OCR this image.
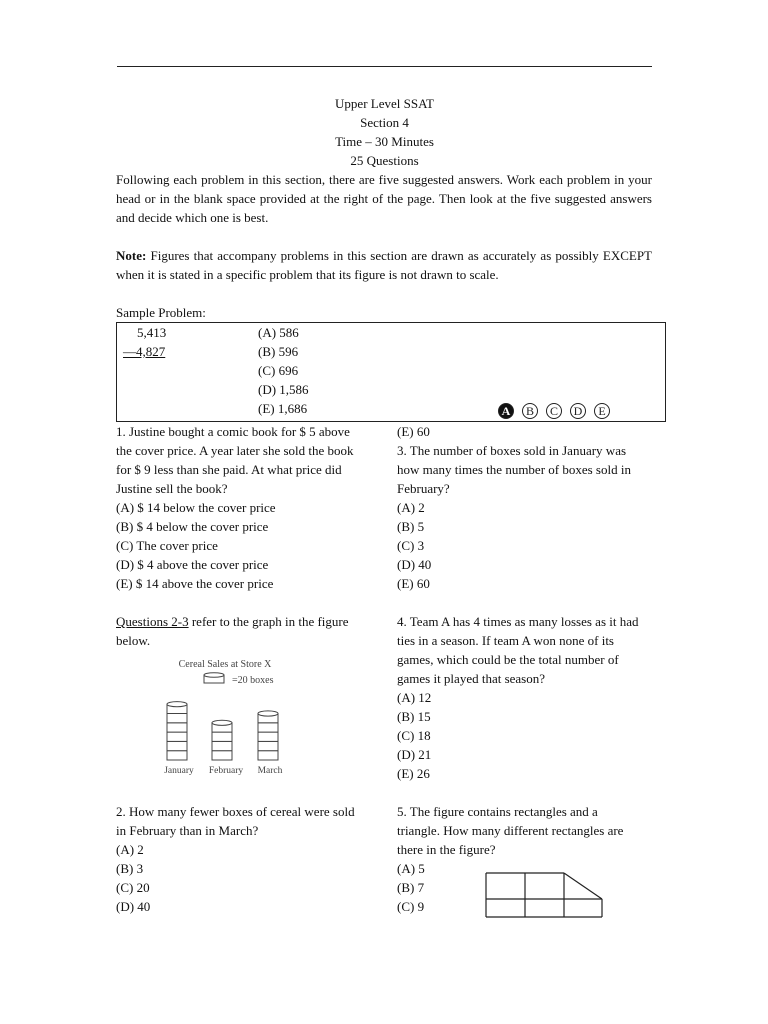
Upper Level SSAT
Section 4
Time – 30 Minutes
25 Questions
Following each problem in this section, there are five suggested answers. Work each problem in your head or in the blank space provided at the right of the page. Then look at the five suggested answers and decide which one is best.
Note: Figures that accompany problems in this section are drawn as accurately as possibly EXCEPT when it is stated in a specific problem that its figure is not drawn to scale.
Sample Problem:
5,413
—4,827
(A) 586
(B) 596
(C) 696
(D) 1,586
(E) 1,686	A	B	C	D	E
1. Justine bought a comic book for $ 5 above
the cover price. A year later she sold the book
for $ 9 less than she paid. At what price did
Justine sell the book?
(A) $ 14 below the cover price
(B) $ 4 below the cover price
(C) The cover price
(D) $ 4 above the cover price
(E) $ 14 above the cover price
Questions 2-3 refer to the graph in the figure
below.
Cereal Sales at Store X
=20 boxes
January February March
2. How many fewer boxes of cereal were sold
in February than in March?
(A) 2
(B) 3
(C) 20
(D) 40
(E) 60
3. The number of boxes sold in January was
how many times the number of boxes sold in
February?
(A) 2
(B) 5
(C) 3
(D) 40
(E) 60
4. Team A has 4 times as many losses as it had
ties in a season. If team A won none of its
games, which could be the total number of
games it played that season?
(A) 12
(B) 15
(C) 18
(D) 21
(E) 26
5. The figure contains rectangles and a
triangle. How many different rectangles are
there in the figure?
(A) 5
(B) 7
(C) 9
